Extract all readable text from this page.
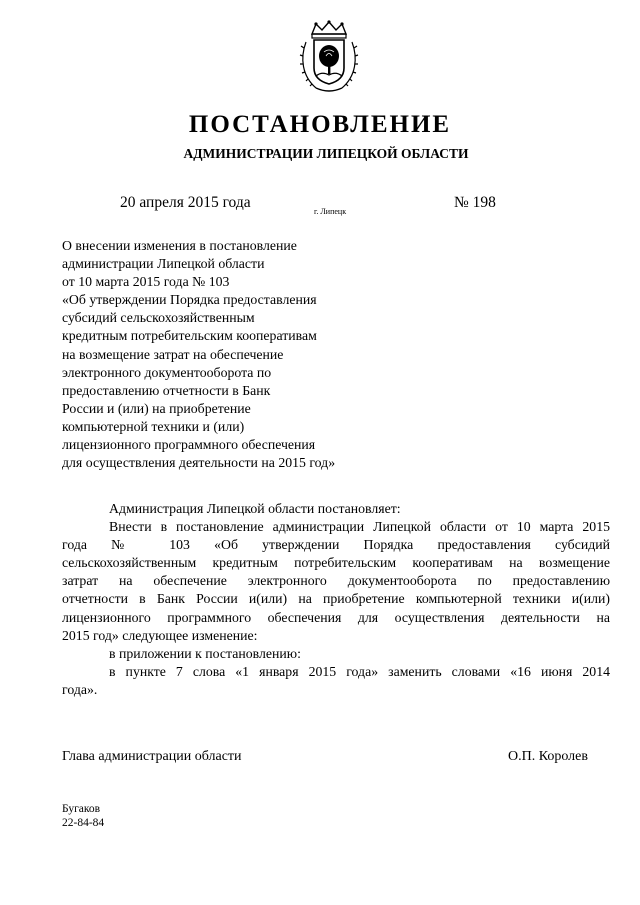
ПОСТАНОВЛЕНИЕ
АДМИНИСТРАЦИИ ЛИПЕЦКОЙ ОБЛАСТИ
20 апреля 2015 года
г. Липецк
№ 198
О внесении изменения в постановление
администрации Липецкой области
от 10 марта 2015 года № 103
«Об утверждении Порядка предоставления
субсидий сельскохозяйственным
кредитным потребительским кооперативам
на возмещение затрат на обеспечение
электронного документооборота по
предоставлению отчетности в Банк
России и (или) на приобретение
компьютерной техники и (или)
лицензионного программного обеспечения
для осуществления деятельности на 2015 год»
Администрация Липецкой области постановляет:
Внести в постановление администрации Липецкой области от 10 марта 2015
года № 103 «Об утверждении Порядка предоставления субсидий
сельскохозяйственным кредитным потребительским кооперативам на возмещение
затрат на обеспечение электронного документооборота по предоставлению
отчетности в Банк России и(или) на приобретение компьютерной техники и(или)
лицензионного программного обеспечения для осуществления деятельности на
2015 год» следующее изменение:
в приложении к постановлению:
в пункте 7 слова «1 января 2015 года» заменить словами «16 июня 2014
года».
Глава администрации области	О.П. Королев
Бугаков
22-84-84
